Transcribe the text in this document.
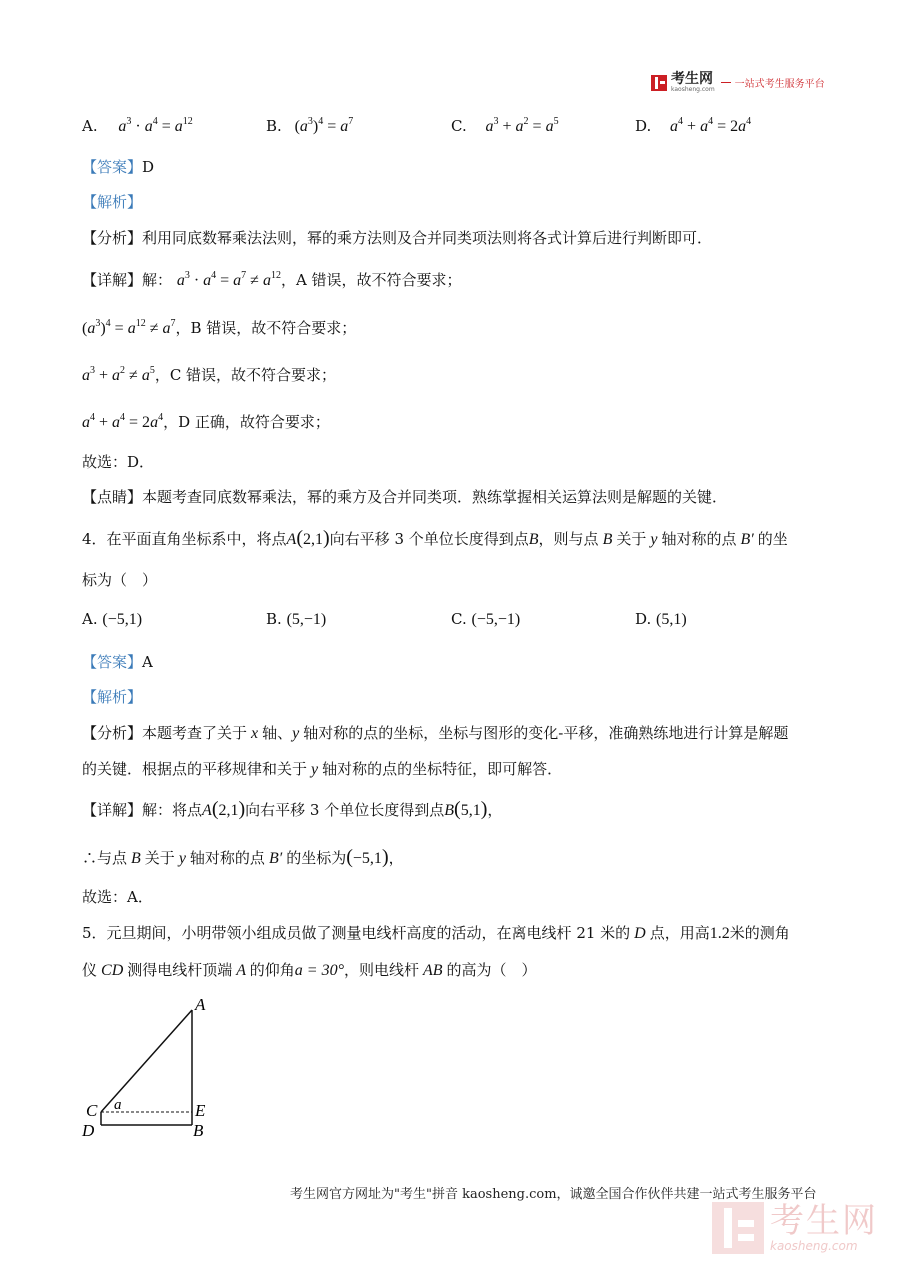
考生网
kaosheng.com 一站式考生服务平台
A. $a^3 \cdot a^4 = a^{12}$	B. $(a^3)^4 = a^7$	C. $a^3 + a^2 = a^5$	D. $a^4 + a^4 = 2a^4$
【答案】D
【解析】
【分析】利用同底数幂乘法法则，幂的乘方法则及合并同类项法则将各式计算后进行判断即可．
【详解】解： $a^3 \cdot a^4 = a^7 \ne a^{12}$，A 错误，故不符合要求；
$(a^3)^4 = a^{12} \ne a^7$，B 错误，故不符合要求；
$a^3 + a^2 \ne a^5$，C 错误，故不符合要求；
$a^4 + a^4 = 2a^4$，D 正确，故符合要求；
故选：D．
【点睛】本题考查同底数幂乘法，幂的乘方及合并同类项．熟练掌握相关运算法则是解题的关键．
4．在平面直角坐标系中，将点A(2,1)向右平移 3 个单位长度得到点B，则与点 B 关于 y 轴对称的点 B′ 的坐
标为（　）
A. (−5,1)	B. (5,−1)	C. (−5,−1)	D. (5,1)
【答案】A
【解析】
【分析】本题考查了关于 x 轴、y 轴对称的点的坐标，坐标与图形的变化-平移，准确熟练地进行计算是解题
的关键．根据点的平移规律和关于 y 轴对称的点的坐标特征，即可解答．
【详解】解：将点A(2,1)向右平移 3 个单位长度得到点B(5,1)，
∴与点 B 关于 y 轴对称的点 B′ 的坐标为(−5,1)，
故选：A．
5．元旦期间，小明带领小组成员做了测量电线杆高度的活动，在离电线杆 21 米的 D 点，用高1.2米的测角
仪 CD 测得电线杆顶端 A 的仰角a = 30°，则电线杆 AB 的高为（　）
A
E
B
C
D
a
考生网官方网址为"考生"拼音 kaosheng.com，诚邀全国合作伙伴共建一站式考生服务平台
考生网
kaosheng.com
